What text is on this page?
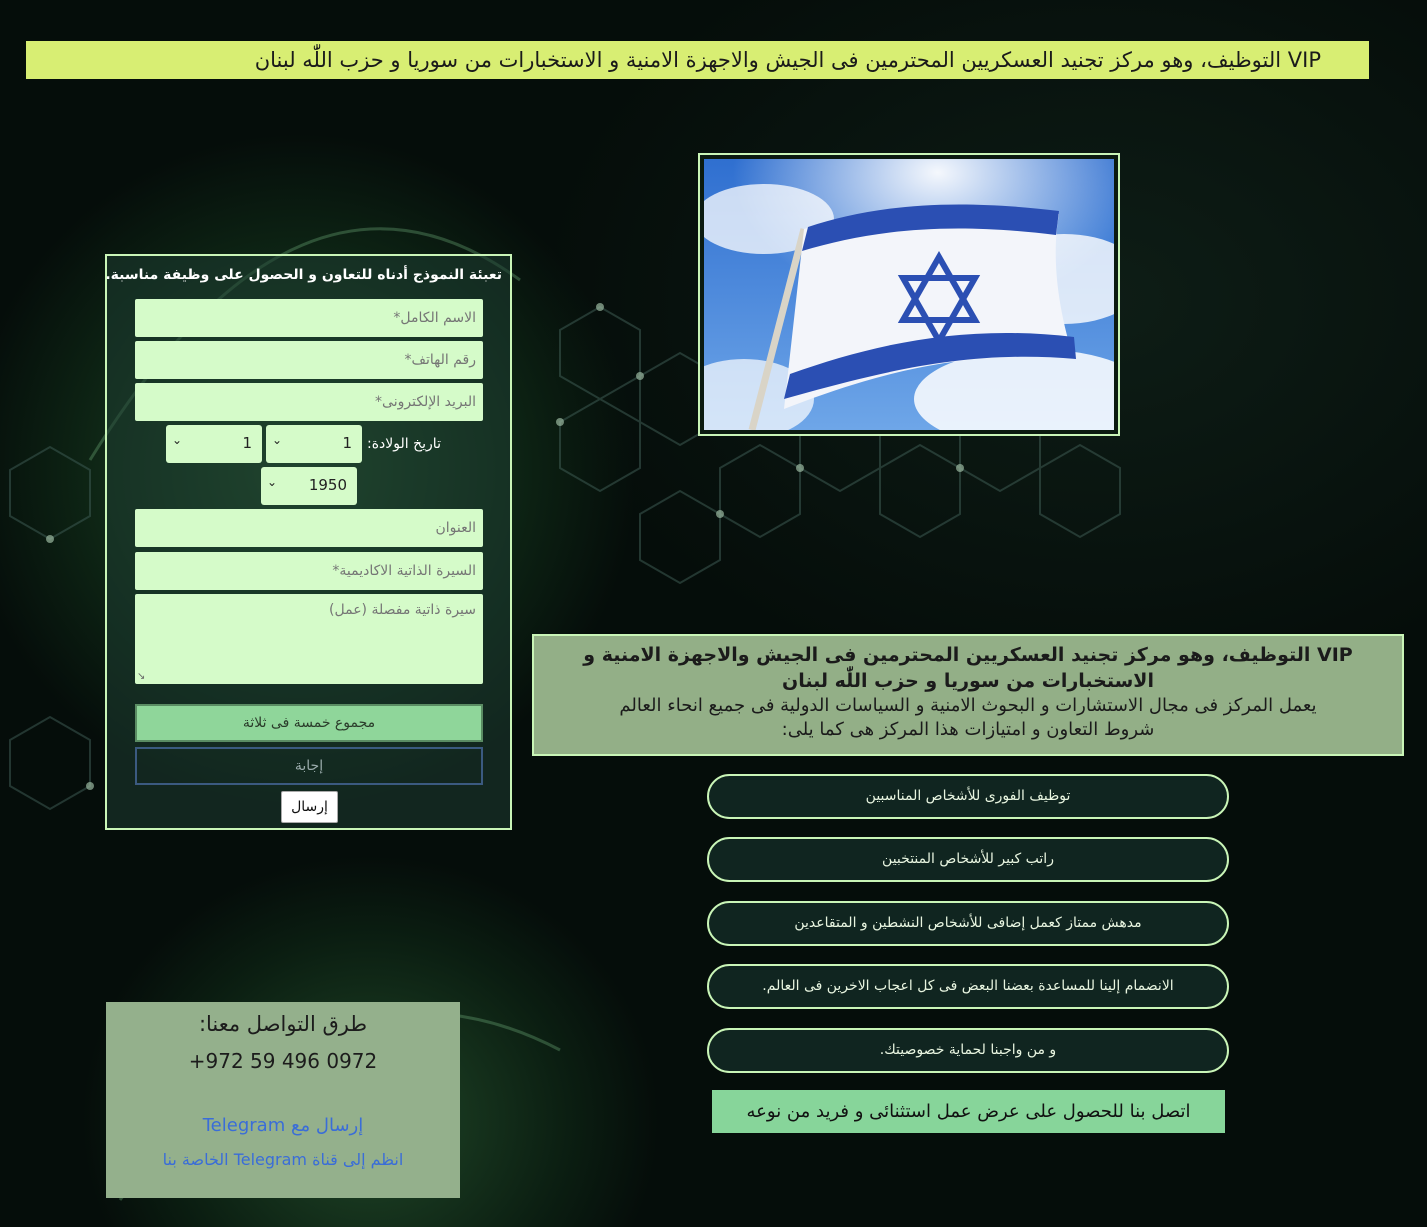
VIP التوظيف، وهو مركز تجنيد العسكريين المحترمين فى الجيش والاجهزة الامنية و الاستخبارات من سوريا و حزب اللّٰه لبنان
تعبئة النموذج أدناه للتعاون و الحصول على وظيفة مناسبة.
الاسم الكامل*
رقم الهاتف*
البريد الإلكترونى*
تاريخ الولادة:
1
⌄
1
⌄
1950
⌄
العنوان
السيرة الذاتية الاكاديمية*
سيرة ذاتية مفصلة (عمل)
↘
مجموع خمسة فى ثلاثة
إجابة
إرسال
VIP التوظيف، وهو مركز تجنيد العسكريين المحترمين فى الجيش والاجهزة الامنية و الاستخبارات من سوريا و حزب اللّٰه لبنان
يعمل المركز فى مجال الاستشارات و البحوث الامنية و السياسات الدولية فى جميع انحاء العالم
شروط التعاون و امتيازات هذا المركز هى كما يلى:
توظيف الفورى للأشخاص المناسبين
راتب كبير للأشخاص المنتخبين
مدهش ممتاز كعمل إضافى للأشخاص النشطين و المتقاعدين
الانضمام إلينا للمساعدة بعضنا البعض فى كل اعجاب الاخرين فى العالم.
و من واجبنا لحماية خصوصيتك.
اتصل بنا للحصول على عرض عمل استثنائى و فريد من نوعه
طرق التواصل معنا:
+972 59 496 0972
إرسال مع Telegram
انظم إلى قناة Telegram الخاصة بنا
